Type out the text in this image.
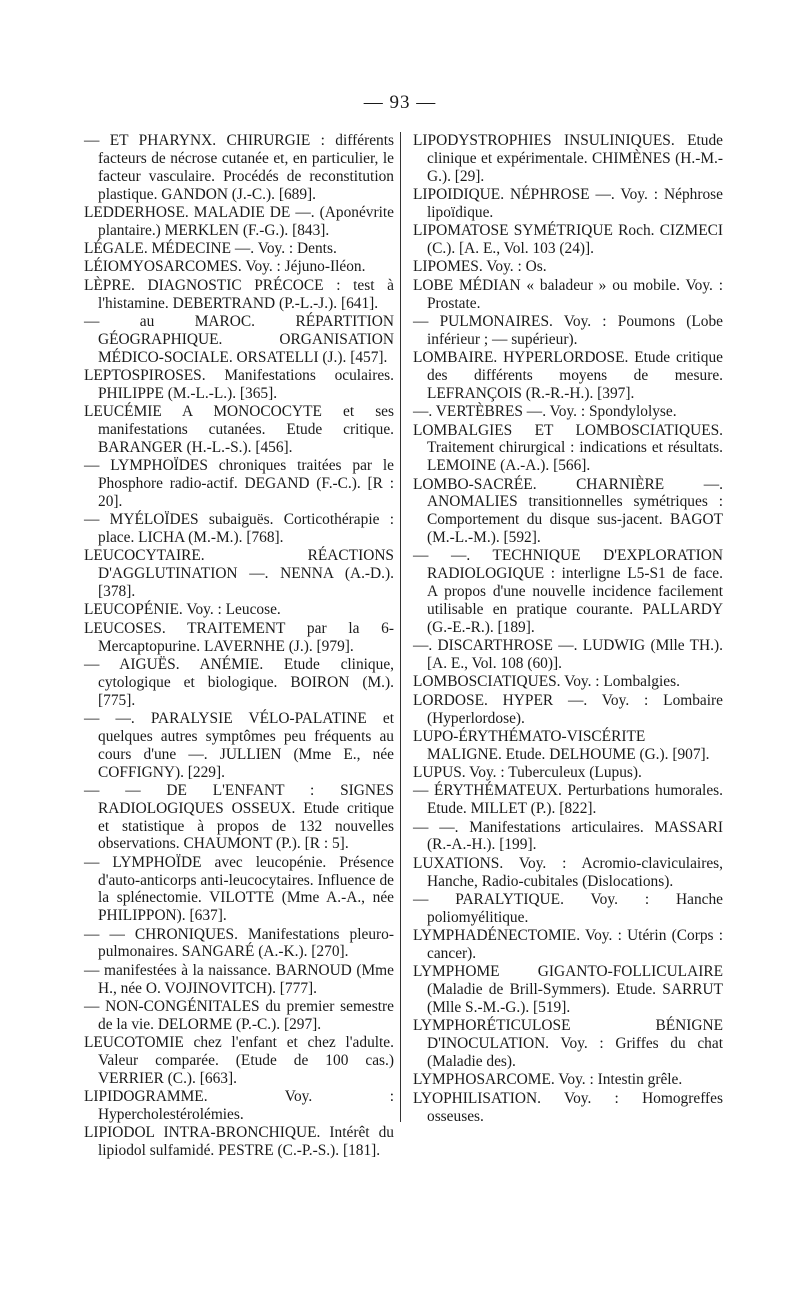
— 93 —

— ET PHARYNX. CHIRURGIE : différents facteurs de nécrose cutanée et, en particulier, le facteur vasculaire. Procédés de reconstitution plastique. GANDON (J.-C.). [689].

LEDDERHOSE. MALADIE DE —. (Aponévrite plantaire.) MERKLEN (F.-G.). [843].

LÉGALE. MÉDECINE —. Voy. : Dents.

LÉIOMYOSARCOMES. Voy. : Jéjuno-Iléon.

LÈPRE. DIAGNOSTIC PRÉCOCE : test à l'histamine. DEBERTRAND (P.-L.-J.). [641].

— au MAROC. RÉPARTITION GÉOGRAPHIQUE. ORGANISATION MÉDICO-SOCIALE. ORSATELLI (J.). [457].

LEPTOSPIROSES. Manifestations oculaires. PHILIPPE (M.-L.-L.). [365].

LEUCÉMIE A MONOCOCYTE et ses manifestations cutanées. Etude critique. BARANGER (H.-L.-S.). [456].

— LYMPHOÏDES chroniques traitées par le Phosphore radio-actif. DEGAND (F.-C.). [R : 20].

— MYÉLOÏDES subaiguës. Corticothérapie : place. LICHA (M.-M.). [768].

LEUCOCYTAIRE. RÉACTIONS D'AGGLUTINATION —. NENNA (A.-D.). [378].

LEUCOPÉNIE. Voy. : Leucose.

LEUCOSES. TRAITEMENT par la 6-Mercaptopurine. LAVERNHE (J.). [979].

— AIGUËS. ANÉMIE. Etude clinique, cytologique et biologique. BOIRON (M.). [775].

— —. PARALYSIE VÉLO-PALATINE et quelques autres symptômes peu fréquents au cours d'une —. JULLIEN (Mme E., née COFFIGNY). [229].

— — DE L'ENFANT : SIGNES RADIOLOGIQUES OSSEUX. Etude critique et statistique à propos de 132 nouvelles observations. CHAUMONT (P.). [R : 5].

— LYMPHOÏDE avec leucopénie. Présence d'auto-anticorps anti-leucocytaires. Influence de la splénectomie. VILOTTE (Mme A.-A., née PHILIPPON). [637].

— — CHRONIQUES. Manifestations pleuro-pulmonaires. SANGARÉ (A.-K.). [270].

— manifestées à la naissance. BARNOUD (Mme H., née O. VOJINOVITCH). [777].

— NON-CONGÉNITALES du premier semestre de la vie. DELORME (P.-C.). [297].

LEUCOTOMIE chez l'enfant et chez l'adulte. Valeur comparée. (Etude de 100 cas.) VERRIER (C.). [663].

LIPIDOGRAMME. Voy. : Hypercholestérolémies.

LIPIODOL INTRA-BRONCHIQUE. Intérêt du lipiodol sulfamidé. PESTRE (C.-P.-S.). [181].

LIPODYSTROPHIES INSULINIQUES. Etude clinique et expérimentale. CHIMÈNES (H.-M.-G.). [29].

LIPOIDIQUE. NÉPHROSE —. Voy. : Néphrose lipoïdique.

LIPOMATOSE SYMÉTRIQUE Roch. CIZMECI (C.). [A. E., Vol. 103 (24)].

LIPOMES. Voy. : Os.

LOBE MÉDIAN « baladeur » ou mobile. Voy. : Prostate.

— PULMONAIRES. Voy. : Poumons (Lobe inférieur ; — supérieur).

LOMBAIRE. HYPERLORDOSE. Etude critique des différents moyens de mesure. LEFRANÇOIS (R.-R.-H.). [397].

—. VERTÈBRES —. Voy. : Spondylolyse.

LOMBALGIES ET LOMBOSCIATIQUES. Traitement chirurgical : indications et résultats. LEMOINE (A.-A.). [566].

LOMBO-SACRÉE. CHARNIÈRE —. ANOMALIES transitionnelles symétriques : Comportement du disque sus-jacent. BAGOT (M.-L.-M.). [592].

— —. TECHNIQUE D'EXPLORATION RADIOLOGIQUE : interligne L5-S1 de face. A propos d'une nouvelle incidence facilement utilisable en pratique courante. PALLARDY (G.-E.-R.). [189].

—. DISCARTHROSE —. LUDWIG (Mlle TH.). [A. E., Vol. 108 (60)].

LOMBOSCIATIQUES. Voy. : Lombalgies.

LORDOSE. HYPER —. Voy. : Lombaire (Hyperlordose).

LUPO-ÉRYTHÉMATO-VISCÉRITE MALIGNE. Etude. DELHOUME (G.). [907].

LUPUS. Voy. : Tuberculeux (Lupus).

— ÉRYTHÉMATEUX. Perturbations humorales. Etude. MILLET (P.). [822].

— —. Manifestations articulaires. MASSARI (R.-A.-H.). [199].

LUXATIONS. Voy. : Acromio-claviculaires, Hanche, Radio-cubitales (Dislocations).

— PARALYTIQUE. Voy. : Hanche poliomyélitique.

LYMPHADÉNECTOMIE. Voy. : Utérin (Corps : cancer).

LYMPHOME GIGANTO-FOLLICULAIRE (Maladie de Brill-Symmers). Etude. SARRUT (Mlle S.-M.-G.). [519].

LYMPHORÉTICULOSE BÉNIGNE D'INOCULATION. Voy. : Griffes du chat (Maladie des).

LYMPHOSARCOME. Voy. : Intestin grêle.

LYOPHILISATION. Voy. : Homogreffes osseuses.
